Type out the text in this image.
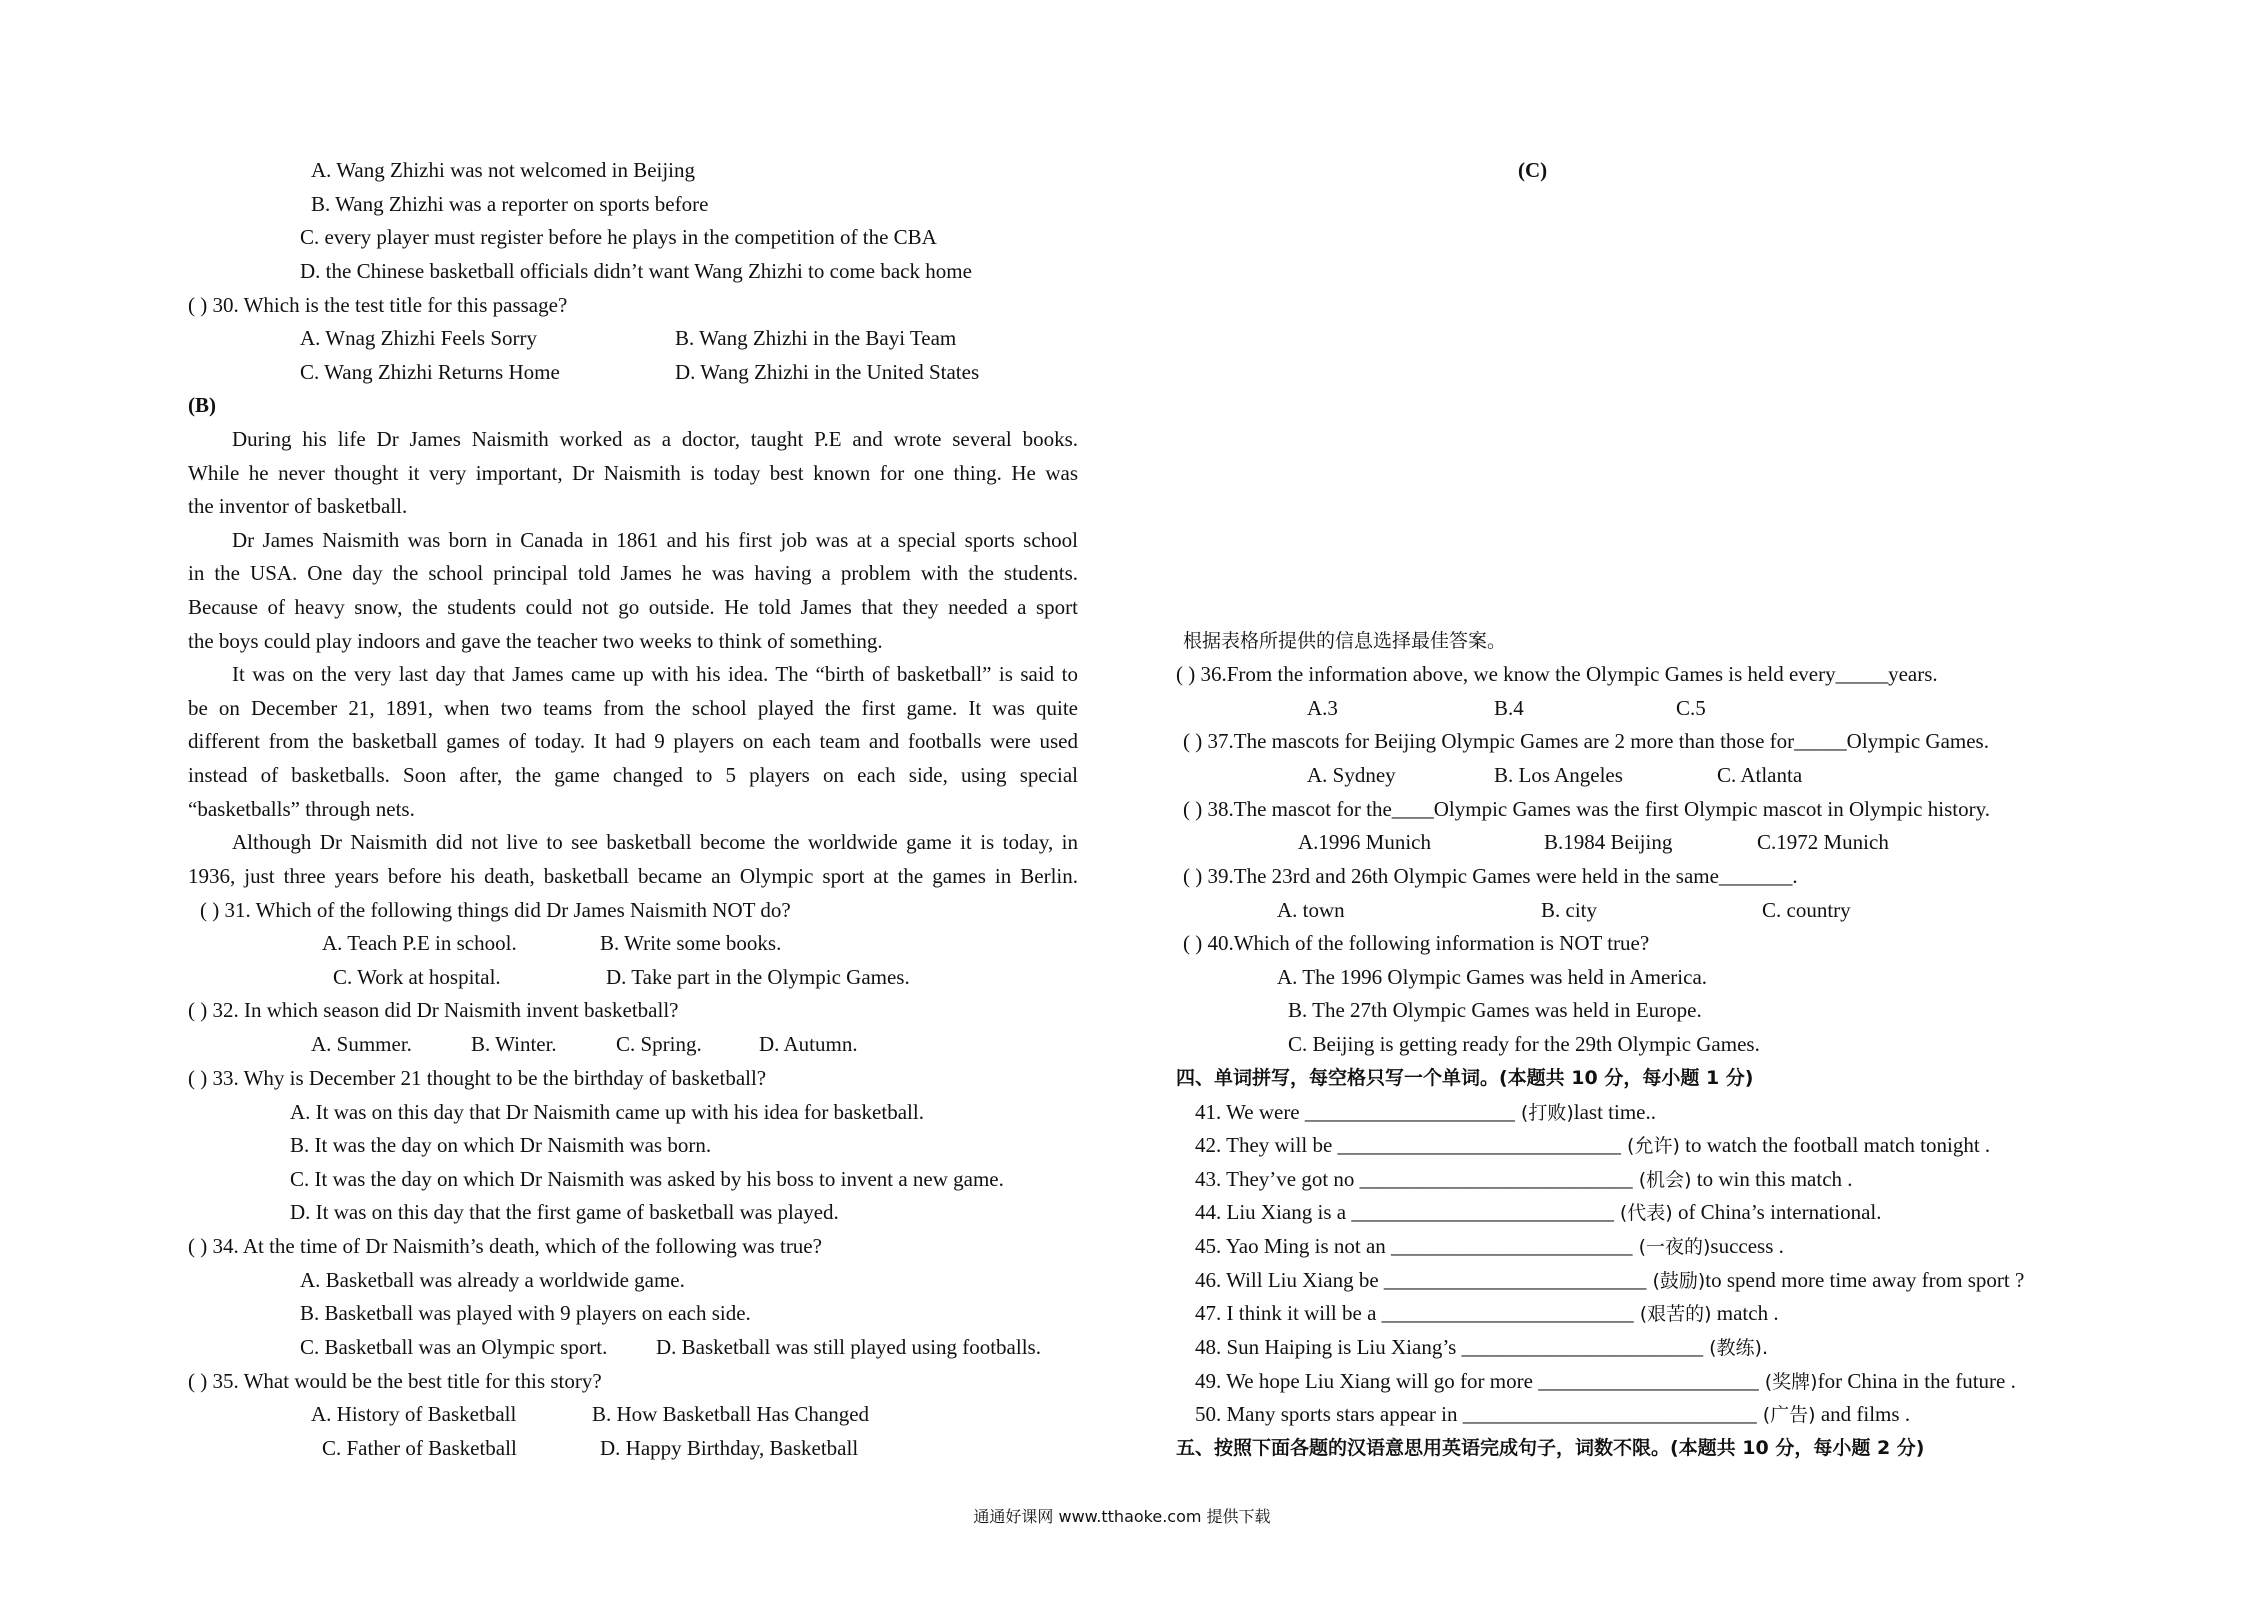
A. Wang Zhizhi was not welcomed in Beijing
B. Wang Zhizhi was a reporter on sports before
C. every player must register before he plays in the competition of the CBA
D. the Chinese basketball officials didn’t want Wang Zhizhi to come back home
( ) 30. Which is the test title for this passage?
A. Wnag Zhizhi Feels Sorry	B. Wang Zhizhi in the Bayi Team
C. Wang Zhizhi Returns Home	D. Wang Zhizhi in the United States
(B)
During his life Dr James Naismith worked as a doctor, taught P.E and wrote several books.
While he never thought it very important, Dr Naismith is today best known for one thing. He was
the inventor of basketball.
Dr James Naismith was born in Canada in 1861 and his first job was at a special sports school
in the USA. One day the school principal told James he was having a problem with the students.
Because of heavy snow, the students could not go outside. He told James that they needed a sport
the boys could play indoors and gave the teacher two weeks to think of something.
It was on the very last day that James came up with his idea. The “birth of basketball” is said to
be on December 21, 1891, when two teams from the school played the first game. It was quite
different from the basketball games of today. It had 9 players on each team and footballs were used
instead of basketballs. Soon after, the game changed to 5 players on each side, using special
“basketballs” through nets.
Although Dr Naismith did not live to see basketball become the worldwide game it is today, in
1936, just three years before his death, basketball became an Olympic sport at the games in Berlin.
( ) 31. Which of the following things did Dr James Naismith NOT do?
A. Teach P.E in school.	B. Write some books.
C. Work at hospital.	D. Take part in the Olympic Games.
( ) 32. In which season did Dr Naismith invent basketball?
A. Summer.	B. Winter.	C. Spring.	D. Autumn.
( ) 33. Why is December 21 thought to be the birthday of basketball?
A. It was on this day that Dr Naismith came up with his idea for basketball.
B. It was the day on which Dr Naismith was born.
C. It was the day on which Dr Naismith was asked by his boss to invent a new game.
D. It was on this day that the first game of basketball was played.
( ) 34. At the time of Dr Naismith’s death, which of the following was true?
A. Basketball was already a worldwide game.
B. Basketball was played with 9 players on each side.
C. Basketball was an Olympic sport. D. Basketball was still played using footballs.
( ) 35. What would be the best title for this story?
A. History of Basketball	B. How Basketball Has Changed
C. Father of Basketball	D. Happy Birthday, Basketball
(C)
根据表格所提供的信息选择最佳答案。
( ) 36.From the information above, we know the Olympic Games is held every_____years.
A.3	B.4	C.5
( ) 37.The mascots for Beijing Olympic Games are 2 more than those for_____Olympic Games.
A. Sydney	B. Los Angeles	C. Atlanta
( ) 38.The mascot for the____Olympic Games was the first Olympic mascot in Olympic history.
A.1996 Munich	B.1984 Beijing	C.1972 Munich
( ) 39.The 23rd and 26th Olympic Games were held in the same_______.
A. town	B. city	C. country
( ) 40.Which of the following information is NOT true?
A. The 1996 Olympic Games was held in America.
B. The 27th Olympic Games was held in Europe.
C. Beijing is getting ready for the 29th Olympic Games.
四、单词拼写，每空格只写一个单词。(本题共 10 分，每小题 1 分)
41. We were ____________________ (打败)last time..
42. They will be ___________________________ (允许) to watch the football match tonight .
43. They’ve got no __________________________ (机会) to win this match .
44. Liu Xiang is a _________________________ (代表) of China’s international.
45. Yao Ming is not an _______________________ (一夜的)success .
46. Will Liu Xiang be _________________________ (鼓励)to spend more time away from sport ?
47. I think it will be a ________________________ (艰苦的) match .
48. Sun Haiping is Liu Xiang’s _______________________ (教练).
49. We hope Liu Xiang will go for more _____________________ (奖牌)for China in the future .
50. Many sports stars appear in ____________________________ (广告) and films .
五、按照下面各题的汉语意思用英语完成句子，词数不限。(本题共 10 分，每小题 2 分)
通通好课网 www.tthaoke.com 提供下载
